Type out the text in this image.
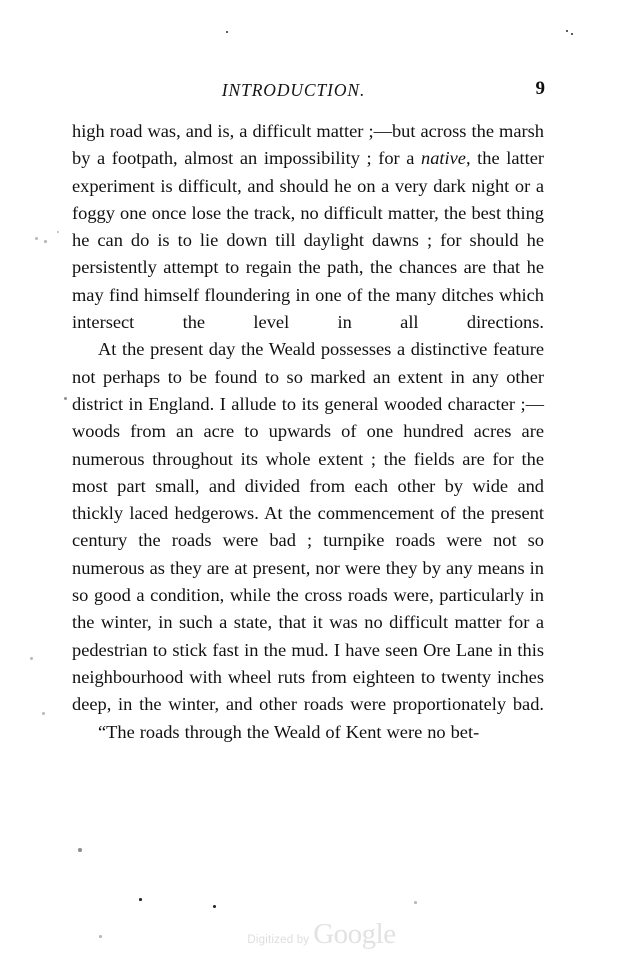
INTRODUCTION.	9

high road was, and is, a difficult matter ;—but across the marsh by a footpath, almost an impossibility ; for a native, the latter experiment is difficult, and should he on a very dark night or a foggy one once lose the track, no difficult matter, the best thing he can do is to lie down till daylight dawns ; for should he persistently attempt to regain the path, the chances are that he may find himself floundering in one of the many ditches which intersect the level in all directions.

At the present day the Weald possesses a distinctive feature not perhaps to be found to so marked an extent in any other district in England. I allude to its general wooded character ;—woods from an acre to upwards of one hundred acres are numerous throughout its whole extent ; the fields are for the most part small, and divided from each other by wide and thickly laced hedgerows. At the commencement of the present century the roads were bad ; turnpike roads were not so numerous as they are at present, nor were they by any means in so good a condition, while the cross roads were, particularly in the winter, in such a state, that it was no difficult matter for a pedestrian to stick fast in the mud. I have seen Ore Lane in this neighbourhood with wheel ruts from eighteen to twenty inches deep, in the winter, and other roads were proportionately bad.

“The roads through the Weald of Kent were no bet-

Digitized by Google
